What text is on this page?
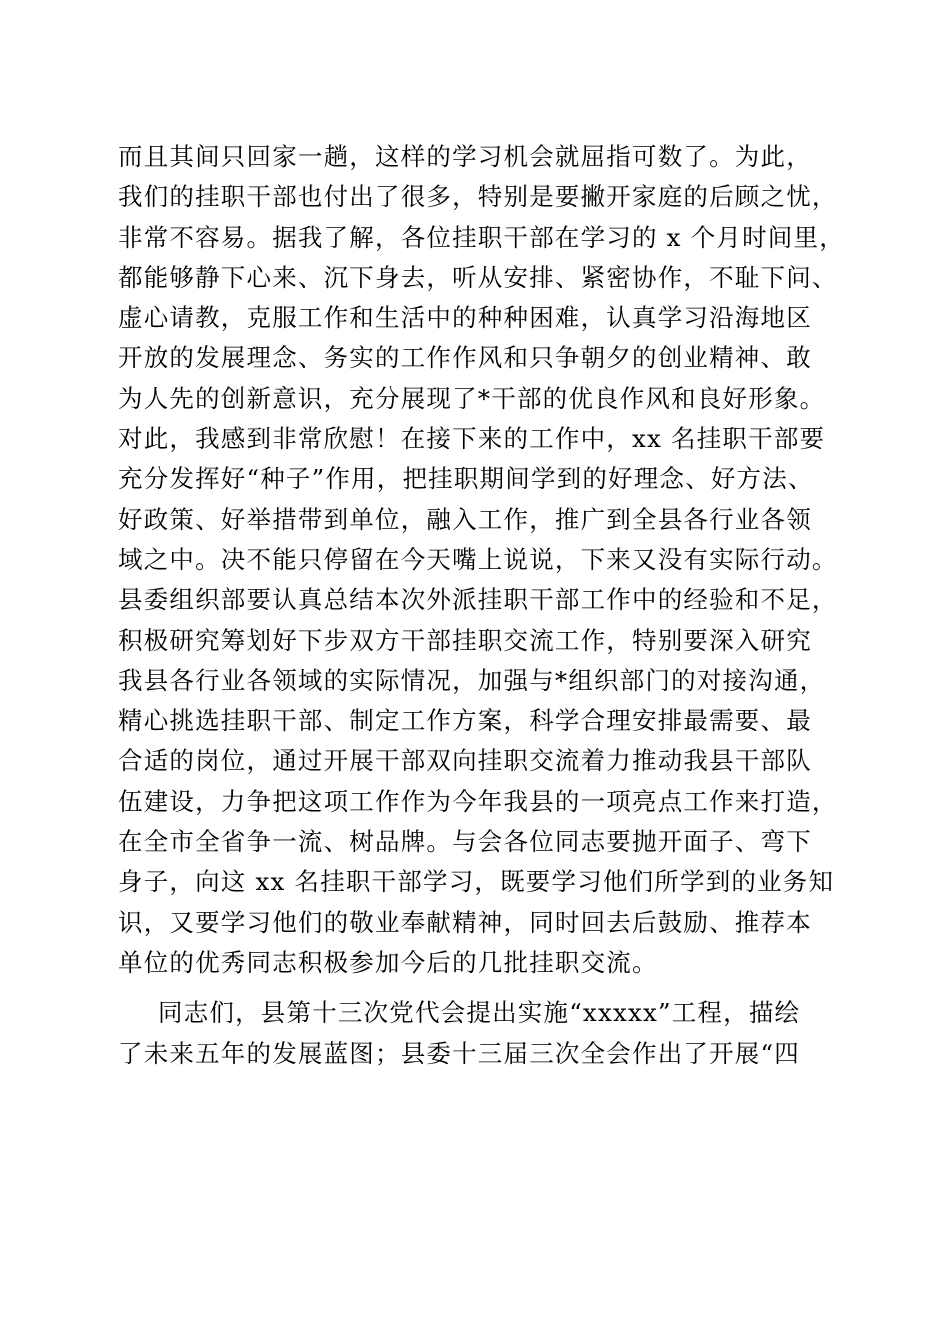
而且其间只回家一趟，这样的学习机会就屈指可数了。为此，
我们的挂职干部也付出了很多，特别是要撇开家庭的后顾之忧，
非常不容易。据我了解，各位挂职干部在学习的 x 个月时间里，
都能够静下心来、沉下身去，听从安排、紧密协作，不耻下问、
虚心请教，克服工作和生活中的种种困难，认真学习沿海地区
开放的发展理念、务实的工作作风和只争朝夕的创业精神、敢
为人先的创新意识，充分展现了*干部的优良作风和良好形象。
对此，我感到非常欣慰！在接下来的工作中，xx 名挂职干部要
充分发挥好“种子”作用，把挂职期间学到的好理念、好方法、
好政策、好举措带到单位，融入工作，推广到全县各行业各领
域之中。决不能只停留在今天嘴上说说，下来又没有实际行动。
县委组织部要认真总结本次外派挂职干部工作中的经验和不足，
积极研究筹划好下步双方干部挂职交流工作，特别要深入研究
我县各行业各领域的实际情况，加强与*组织部门的对接沟通，
精心挑选挂职干部、制定工作方案，科学合理安排最需要、最
合适的岗位，通过开展干部双向挂职交流着力推动我县干部队
伍建设，力争把这项工作作为今年我县的一项亮点工作来打造，
在全市全省争一流、树品牌。与会各位同志要抛开面子、弯下
身子，向这 xx 名挂职干部学习，既要学习他们所学到的业务知
识，又要学习他们的敬业奉献精神，同时回去后鼓励、推荐本
单位的优秀同志积极参加今后的几批挂职交流。
同志们，县第十三次党代会提出实施“xxxxx”工程，描绘
了未来五年的发展蓝图；县委十三届三次全会作出了开展“四
